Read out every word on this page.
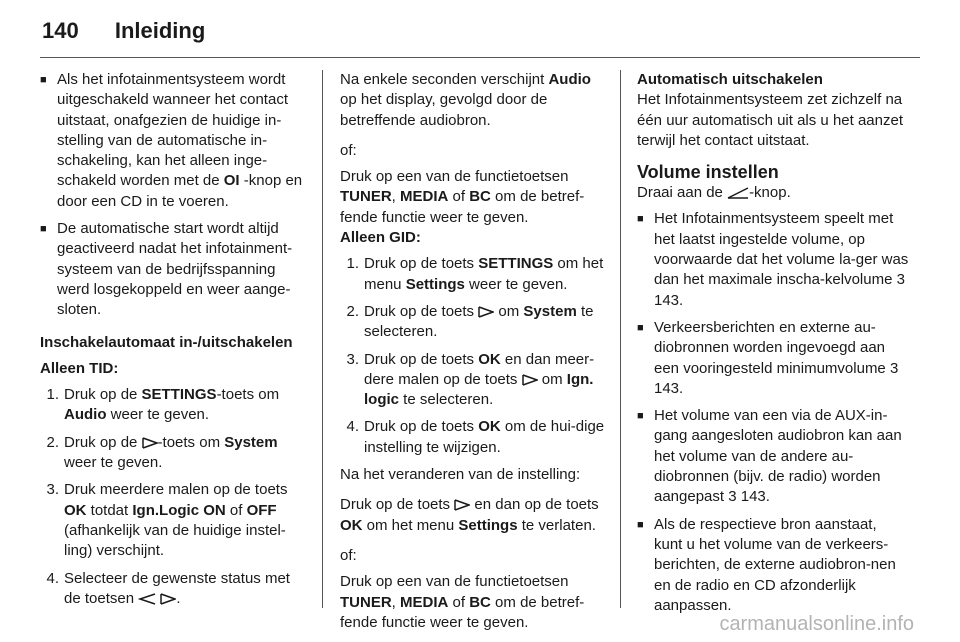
140 Inleiding
■ Als het infotainmentsysteem wordt uitgeschakeld wanneer het contact uitstaat, onafgezien de huidige in-stelling van de automatische in-schakeling, kan het alleen inge-schakeld worden met de OI -knop en door een CD in te voeren.
■ De automatische start wordt altijd geactiveerd nadat het infotainment-systeem van de bedrijfsspanning werd losgekoppeld en weer aange-sloten.

Inschakelautomaat in-/uitschakelen

Alleen TID:

1. Druk op de SETTINGS-toets om Audio weer te geven.
2. Druk op de -toets om System weer te geven.
3. Druk meerdere malen op de toets OK totdat Ign.Logic ON of OFF (afhankelijk van de huidige instel-ling) verschijnt.
4. Selecteer de gewenste status met de toetsen	.

Na enkele seconden verschijnt Audio op het display, gevolgd door de betreffende audiobron.

of:

Druk op een van de functietoetsen TUNER, MEDIA of BC om de betref-fende functie weer te geven.

Alleen GID:

1. Druk op de toets SETTINGS om het menu Settings weer te geven.
2. Druk op de toets  om System te selecteren.
3. Druk op de toets OK en dan meer-dere malen op de toets  om Ign. logic te selecteren.
4. Druk op de toets OK om de hui-dige instelling te wijzigen.

Na het veranderen van de instelling:

Druk op de toets  en dan op de toets OK om het menu Settings te verlaten.

of:

Druk op een van de functietoetsen TUNER, MEDIA of BC om de betref-fende functie weer te geven.

Automatisch uitschakelen

Het Infotainmentsysteem zet zichzelf na één uur automatisch uit als u het aanzet terwijl het contact uitstaat.

Volume instellen

Draai aan de -knop.

■ Het Infotainmentsysteem speelt met het laatst ingestelde volume, op voorwaarde dat het volume la-ger was dan het maximale inscha-kelvolume 3 143.
■ Verkeersberichten en externe au-diobronnen worden ingevoegd aan een vooringesteld minimumvolume 3 143.
■ Het volume van een via de AUX-in-gang aangesloten audiobron kan aan het volume van de andere au-diobronnen (bijv. de radio) worden aangepast 3 143.
■ Als de respectieve bron aanstaat, kunt u het volume van de verkeers-berichten, de externe audiobron-nen en de radio en CD afzonderlijk aanpassen.
carmanualsonline.info
